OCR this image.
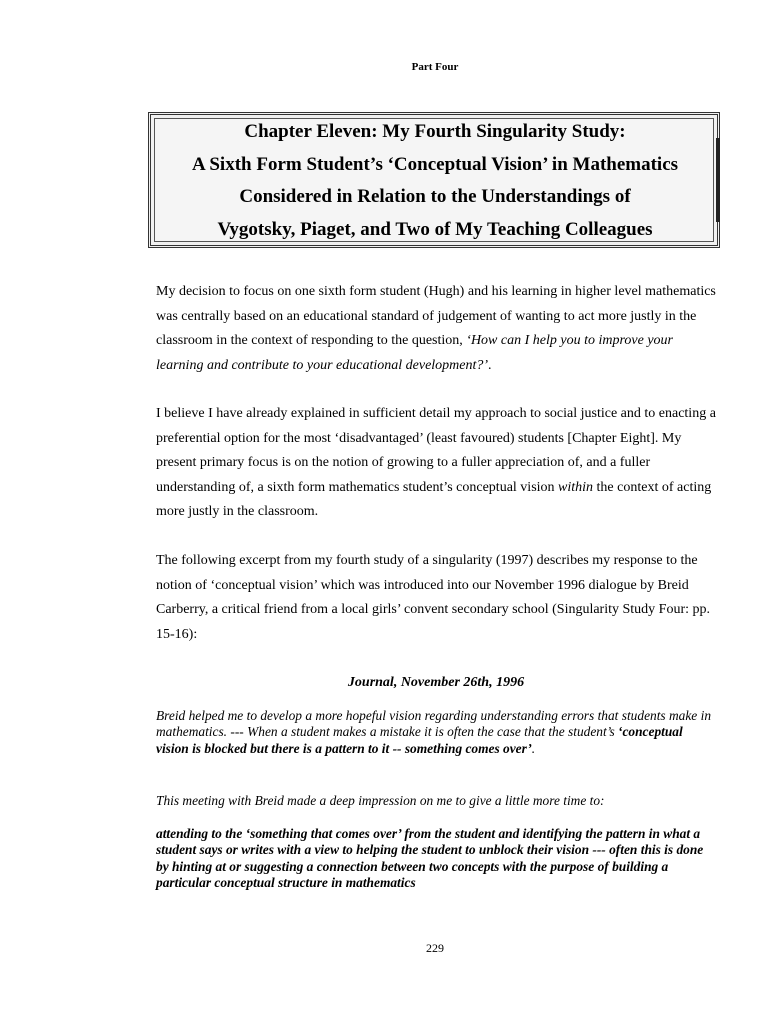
Part Four
Chapter Eleven: My Fourth Singularity Study:
A Sixth Form Student’s ‘Conceptual Vision’ in Mathematics
Considered in Relation to the Understandings of
Vygotsky, Piaget, and Two of My Teaching Colleagues
My decision to focus on one sixth form student (Hugh) and his learning in higher level mathematics was centrally based on an educational standard of judgement of wanting to act more justly in the classroom in the context of responding to the question, ‘How can I help you to improve your learning and contribute to your educational development?’.
I believe I have already explained in sufficient detail my approach to social justice and to enacting a preferential option for the most ‘disadvantaged’ (least favoured) students [Chapter Eight]. My present primary focus is on the notion of growing to a fuller appreciation of, and a fuller understanding of, a sixth form mathematics student’s conceptual vision within the context of acting more justly in the classroom.
The following excerpt from my fourth study of a singularity (1997) describes my response to the notion of ‘conceptual vision’ which was introduced into our November 1996 dialogue by Breid Carberry, a critical friend from a local girls’ convent secondary school (Singularity Study Four: pp. 15-16):
Journal, November 26th, 1996
Breid helped me to develop a more hopeful vision regarding understanding errors that students make in mathematics. --- When a student makes a mistake it is often the case that the student’s ‘conceptual vision is blocked but there is a pattern to it -- something comes over’.
This meeting with Breid made a deep impression on me to give a little more time to:
attending to the ‘something that comes over’ from the student and identifying the pattern in what a student says or writes with a view to helping the student to unblock their vision --- often this is done by hinting at or suggesting a connection between two concepts with the purpose of building a particular conceptual structure in mathematics
229
